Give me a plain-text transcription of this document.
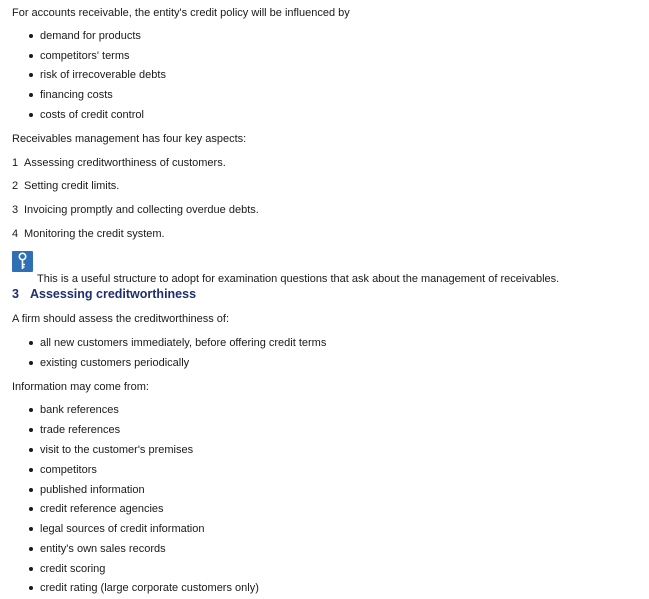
For accounts receivable, the entity's credit policy will be influenced by

demand for products

competitors' terms

risk of irrecoverable debts

financing costs

costs of credit control

Receivables management has four key aspects:

1 Assessing creditworthiness of customers.

2 Setting credit limits.

3 Invoicing promptly and collecting overdue debts.

4 Monitoring the credit system.

This is a useful structure to adopt for examination questions that ask about the management of receivables.

3 Assessing creditworthiness

A firm should assess the creditworthiness of:

all new customers immediately, before offering credit terms

existing customers periodically

Information may come from:

bank references

trade references

visit to the customer's premises

competitors

published information

credit reference agencies

legal sources of credit information

entity's own sales records

credit scoring

credit rating (large corporate customers only)
